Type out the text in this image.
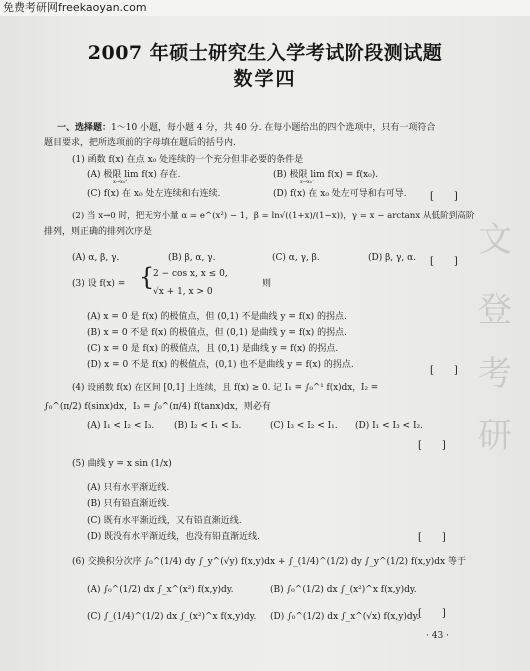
免费考研网freekaoyan.com
2007 年硕士研究生入学考试阶段测试题
数学四
一、选择题：1～10 小题，每小题 4 分，共 40 分. 在每小题给出的四个选项中，只有一项符合
题目要求，把所选项前的字母填在题后的括号内.
(1) 函数 f(x) 在点 x₀ 处连续的一个充分但非必要的条件是
(A) 极限 lim f(x) 存在.
x→x₀⁺
(B) 极限 lim f(x) = f(x₀).
x→x₀⁻
(C) f(x) 在 x₀ 处左连续和右连续.	(D) f(x) 在 x₀ 处左可导和右可导. [　　]
(2) 当 x→0 时，把无穷小量 α = e^(x²) − 1，β = ln√((1+x)/(1−x))，γ = x − arctanx 从低阶到高阶
排列，则正确的排列次序是
(A) α, β, γ.	(B) β, α, γ.	(C) α, γ, β.	(D) β, γ, α. [　　]
(3) 设 f(x) = {
2 − cos x, x ≤ 0,
√x + 1, x > 0
则
(A) x = 0 是 f(x) 的极值点，但 (0,1) 不是曲线 y = f(x) 的拐点.
(B) x = 0 不是 f(x) 的极值点，但 (0,1) 是曲线 y = f(x) 的拐点.
(C) x = 0 是 f(x) 的极值点，且 (0,1) 是曲线 y = f(x) 的拐点.
(D) x = 0 不是 f(x) 的极值点，(0,1) 也不是曲线 y = f(x) 的拐点.	[　　]
(4) 设函数 f(x) 在区间 [0,1] 上连续，且 f(x) ≥ 0. 记 I₁ = ∫₀^¹ f(x)dx，I₂ =
∫₀^(π/2) f(sinx)dx，I₃ = ∫₀^(π/4) f(tanx)dx，则必有
(A) I₁ < I₂ < I₃. (B) I₂ < I₁ < I₃.	(C) I₃ < I₂ < I₁. (D) I₁ < I₃ < I₂.
[　　]
(5) 曲线 y = x sin (1/x)
(A) 只有水平渐近线.
(B) 只有铅直渐近线.
(C) 既有水平渐近线，又有铅直渐近线.
(D) 既没有水平渐近线，也没有铅直渐近线.	[　　]
(6) 交换积分次序 ∫₀^(1/4) dy ∫_y^(√y) f(x,y)dx + ∫_(1/4)^(1/2) dy ∫_y^(1/2) f(x,y)dx 等于
(A) ∫₀^(1/2) dx ∫_x^(x²) f(x,y)dy.	(B) ∫₀^(1/2) dx ∫_(x²)^x f(x,y)dy.
(C) ∫_(1/4)^(1/2) dx ∫_(x²)^x f(x,y)dy. (D) ∫₀^(1/2) dx ∫_x^(√x) f(x,y)dy.
[　　]
文
登
考
研
· 43 ·
